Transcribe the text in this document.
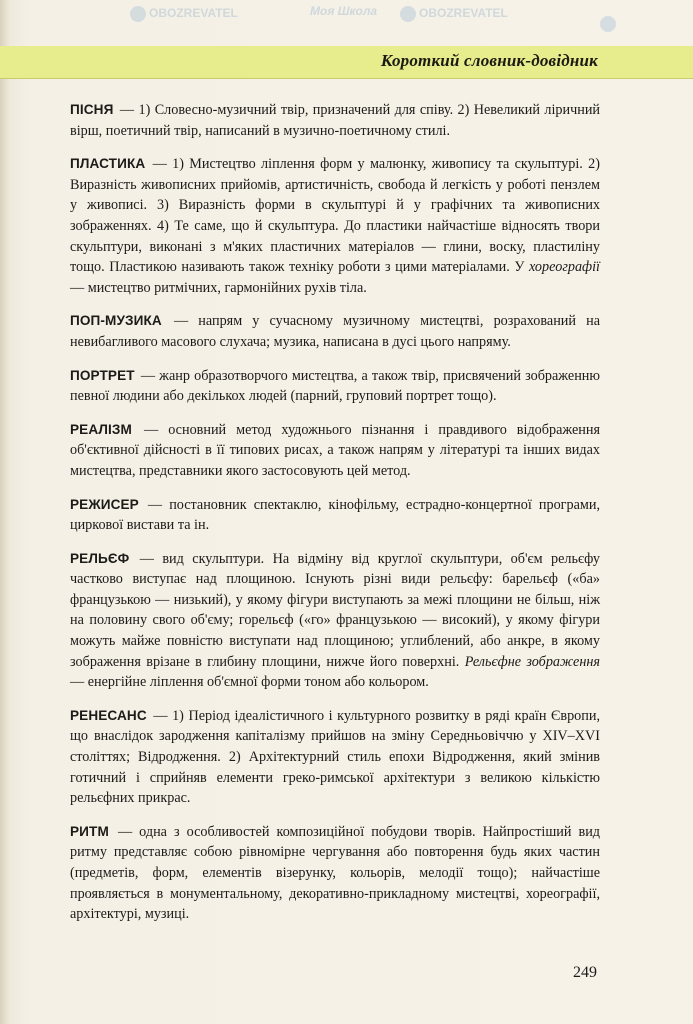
OBOZREVATEL	OBOZREVATEL
Моя Школа
Короткий словник-довідник

ПІСНЯ — 1) Словесно-музичний твір, призначений для співу. 2) Невеликий ліричний вірш, поетичний твір, написаний в музично-поетичному стилі.

ПЛАСТИКА — 1) Мистецтво ліплення форм у малюнку, живопису та скульптурі. 2) Виразність живописних прийомів, артистичність, свобода й легкість у роботі пензлем у живописі. 3) Виразність форми в скульптурі й у графічних та живописних зображеннях. 4) Те саме, що й скульптура. До пластики найчастіше відносять твори скульптури, виконані з м'яких пластичних матеріалов — глини, воску, пластиліну тощо. Пластикою називають також техніку роботи з цими матеріалами. У хореографії — мистецтво ритмічних, гармонійних рухів тіла.

ПОП-МУЗИКА — напрям у сучасному музичному мистецтві, розрахований на невибагливого масового слухача; музика, написана в дусі цього напряму.

ПОРТРЕТ — жанр образотворчого мистецтва, а також твір, присвячений зображенню певної людини або декількох людей (парний, груповий портрет тощо).

РЕАЛІЗМ — основний метод художнього пізнання і правдивого відображення об'єктивної дійсності в її типових рисах, а також напрям у літературі та інших видах мистецтва, представники якого застосовують цей метод.

РЕЖИСЕР — постановник спектаклю, кінофільму, естрадно-концертної програми, циркової вистави та ін.

РЕЛЬЄФ — вид скульптури. На відміну від круглої скульптури, об'єм рельєфу частково виступає над площиною. Існують різні види рельєфу: барельєф («ба» французькою — низький), у якому фігури виступають за межі площини не більш, ніж на половину свого об'єму; горельєф («го» французькою — високий), у якому фігури можуть майже повністю виступати над площиною; углиблений, або анкре, в якому зображення врізане в глибину площини, нижче його поверхні. Рельєфне зображення — енергійне ліплення об'ємної форми тоном або кольором.

РЕНЕСАНС — 1) Період ідеалістичного і культурного розвитку в ряді країн Європи, що внаслідок зародження капіталізму прийшов на зміну Середньовіччю у XIV–XVI століттях; Відродження. 2) Архітектурний стиль епохи Відродження, який змінив готичний і сприйняв елементи греко-римської архітектури з великою кількістю рельєфних прикрас.

РИТМ — одна з особливостей композиційної побудови творів. Найпростіший вид ритму представляє собою рівномірне чергування або повторення будь яких частин (предметів, форм, елементів візерунку, кольорів, мелодії тощо); найчастіше проявляється в монументальному, декоративно-прикладному мистецтві, хореографії, архітектурі, музиці.

249
